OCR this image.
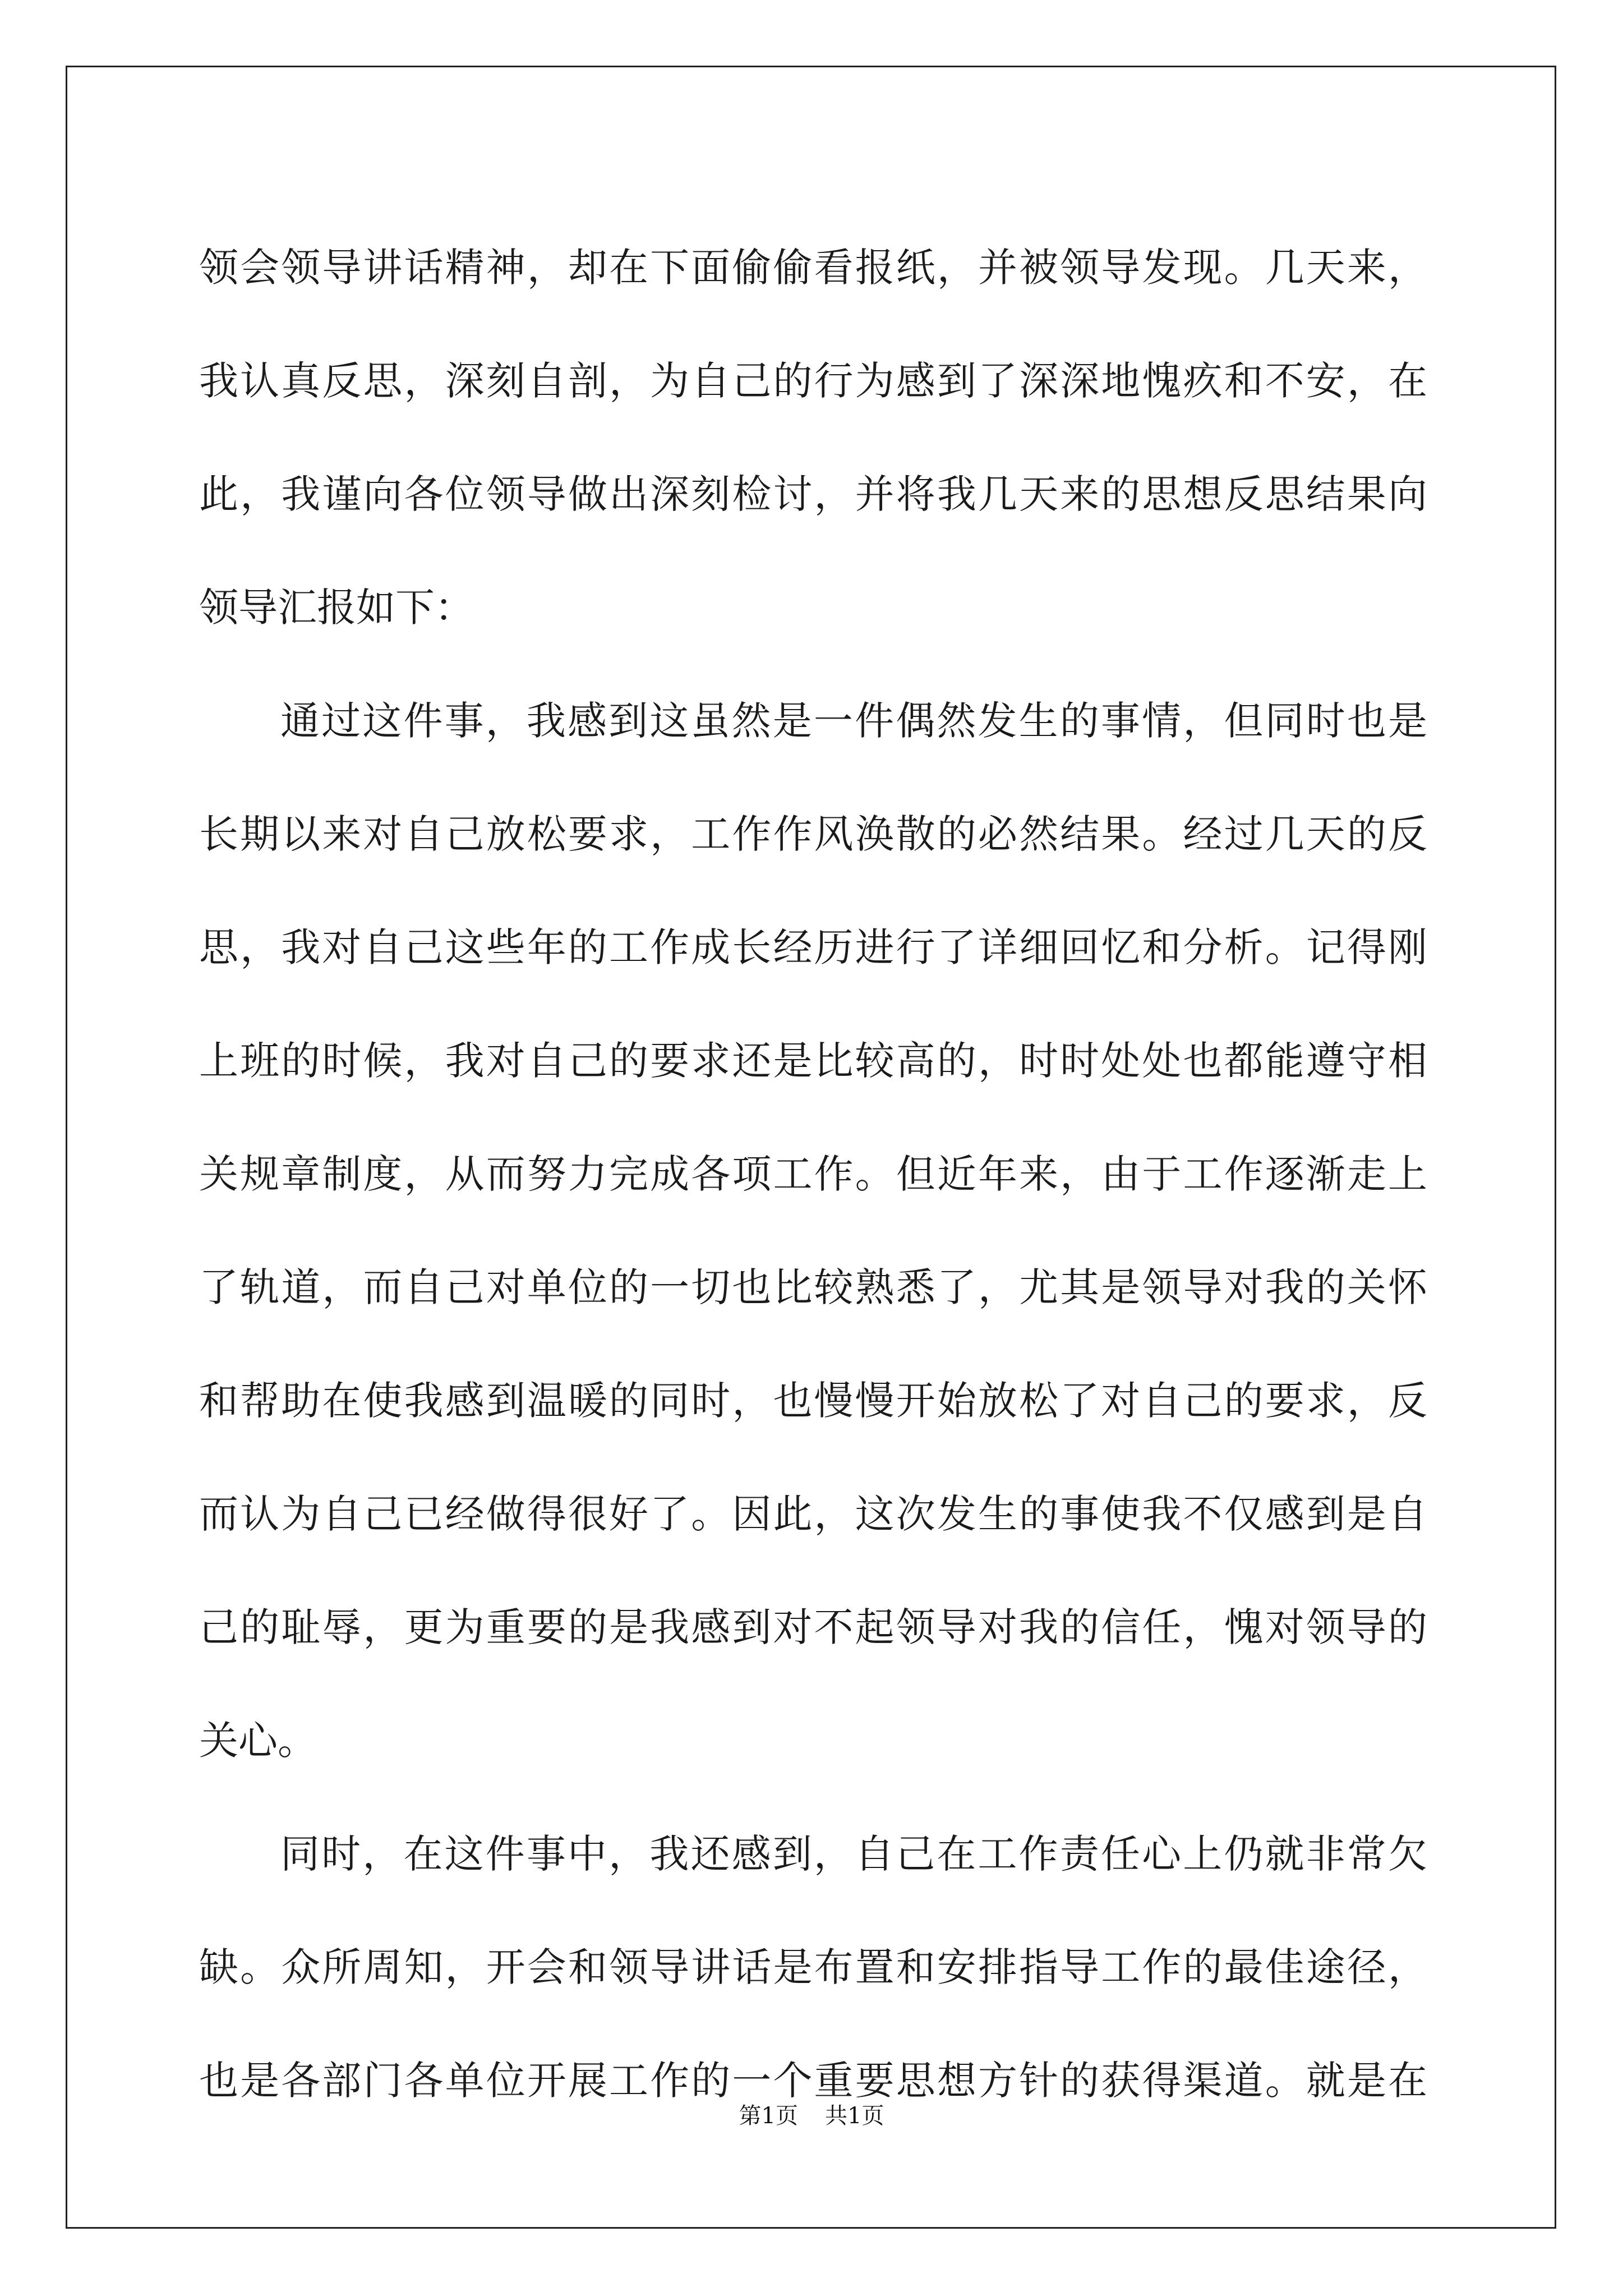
领会领导讲话精神，却在下面偷偷看报纸，并被领导发现。几天来，
我认真反思，深刻自剖，为自己的行为感到了深深地愧疚和不安，在
此，我谨向各位领导做出深刻检讨，并将我几天来的思想反思结果向
领导汇报如下：
通过这件事，我感到这虽然是一件偶然发生的事情，但同时也是
长期以来对自己放松要求，工作作风涣散的必然结果。经过几天的反
思，我对自己这些年的工作成长经历进行了详细回忆和分析。记得刚
上班的时候，我对自己的要求还是比较高的，时时处处也都能遵守相
关规章制度，从而努力完成各项工作。但近年来，由于工作逐渐走上
了轨道，而自己对单位的一切也比较熟悉了，尤其是领导对我的关怀
和帮助在使我感到温暖的同时，也慢慢开始放松了对自己的要求，反
而认为自己已经做得很好了。因此，这次发生的事使我不仅感到是自
己的耻辱，更为重要的是我感到对不起领导对我的信任，愧对领导的
关心。
同时，在这件事中，我还感到，自己在工作责任心上仍就非常欠
缺。众所周知，开会和领导讲话是布置和安排指导工作的最佳途径，
也是各部门各单位开展工作的一个重要思想方针的获得渠道。就是在
第1页 共1页
